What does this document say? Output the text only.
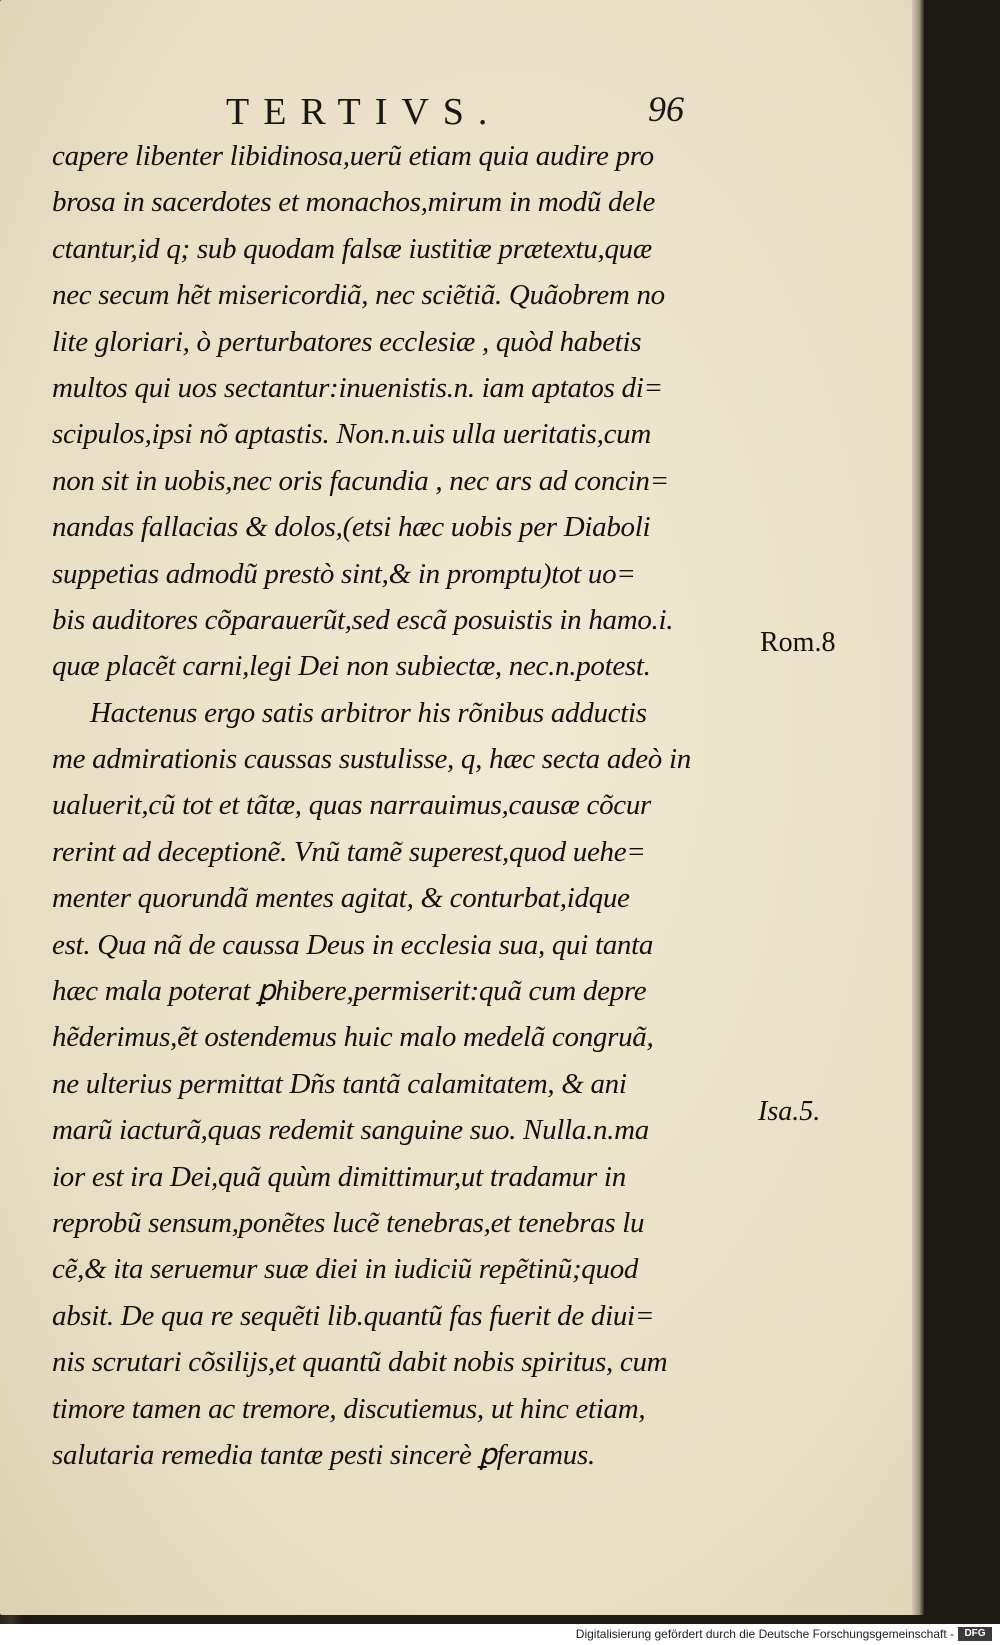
TERTIVS.	96
capere libenter libidinosa,uerũ etiam quia audire pro
brosa in sacerdotes et monachos,mirum in modũ dele
ctantur,id q; sub quodam falsæ iustitiæ prætextu,quæ
nec secum hẽt misericordiã, nec sciẽtiã. Quãobrem no
lite gloriari, ò perturbatores ecclesiæ , quòd habetis
multos qui uos sectantur:inuenistis.n. iam aptatos di=
scipulos,ipsi nõ aptastis. Non.n.uis ulla ueritatis,cum
non sit in uobis,nec oris facundia , nec ars ad concin=
nandas fallacias & dolos,(etsi hæc uobis per Diaboli
suppetias admodũ prestò sint,& in promptu)tot uo=
bis auditores cõparauerũt,sed escã posuistis in hamo.i.
quæ placẽt carni,legi Dei non subiectæ, nec.n.potest.
Hactenus ergo satis arbitror his rõnibus adductis
me admirationis caussas sustulisse, q, hæc secta adeò in
ualuerit,cũ tot et tãtæ, quas narrauimus,causæ cõcur
rerint ad deceptionẽ. Vnũ tamẽ superest,quod uehe=
menter quorundã mentes agitat, & conturbat,idque
est. Qua nã de caussa Deus in ecclesia sua, qui tanta
hæc mala poterat ꝑhibere,permiserit:quã cum depre
hẽderimus,ẽt ostendemus huic malo medelã congruã,
ne ulterius permittat Dñs tantã calamitatem, & ani
marũ iacturã,quas redemit sanguine suo. Nulla.n.ma
ior est ira Dei,quã quùm dimittimur,ut tradamur in
reprobũ sensum,ponẽtes lucẽ tenebras,et tenebras lu
cẽ,& ita seruemur suæ diei in iudiciũ repẽtinũ;quod
absit. De qua re sequẽti lib.quantũ fas fuerit de diui=
nis scrutari cõsilijs,et quantũ dabit nobis spiritus, cum
timore tamen ac tremore, discutiemus, ut hinc etiam,
salutaria remedia tantæ pesti sincerè ꝑferamus.
Rom.8
Isa.5.
Digitalisierung gefördert durch die Deutsche Forschungsgemeinschaft -	DFG
